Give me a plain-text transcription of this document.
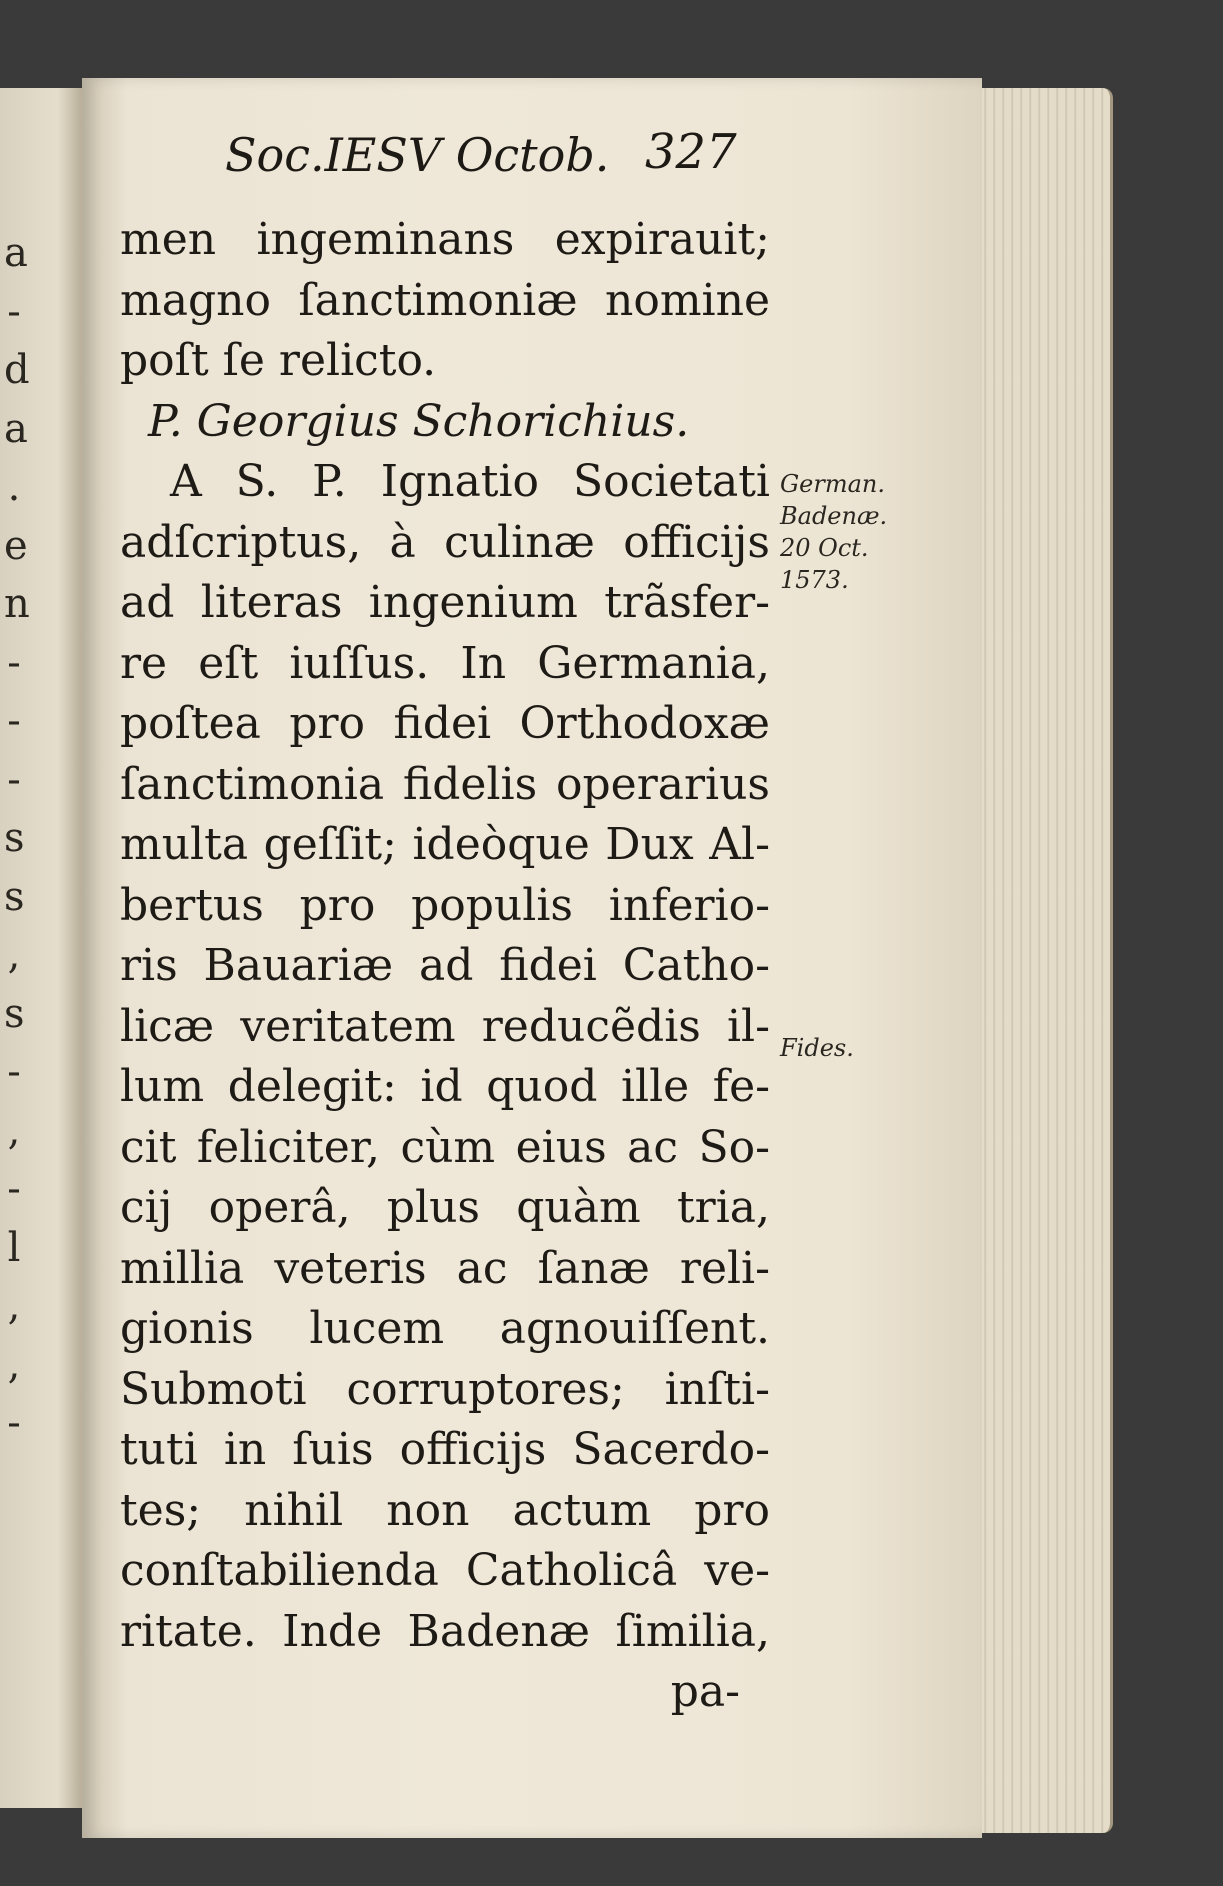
a
-
d
a
.
e
n
-
-
-
s
s
,
s
-
,
-
l
,
,
-
Soc.IESV Octob. 327
men ingeminans expirauit;
magno ſanctimoniæ nomine
poſt ſe relicto.
P. Georgius Schorichius.
A S. P. Ignatio Societati
adſcriptus, à culinæ officijs
ad literas ingenium trãsfer-
re eſt iuſſus. In Germania,
poſtea pro fidei Orthodoxæ
ſanctimonia fidelis operarius
multa geſſit; ideòque Dux Al-
bertus pro populis inferio-
ris Bauariæ ad fidei Catho-
licæ veritatem reducẽdis il-
lum delegit: id quod ille fe-
cit feliciter, cùm eius ac So-
cij operâ, plus quàm tria,
millia veteris ac ſanæ reli-
gionis lucem agnouiſſent.
Submoti corruptores; inſti-
tuti in ſuis officijs Sacerdo-
tes; nihil non actum pro
conſtabilienda Catholicâ ve-
ritate. Inde Badenæ ſimilia,
pa-
German.
Badenæ.
20 Oct.
1573.
Fides.
